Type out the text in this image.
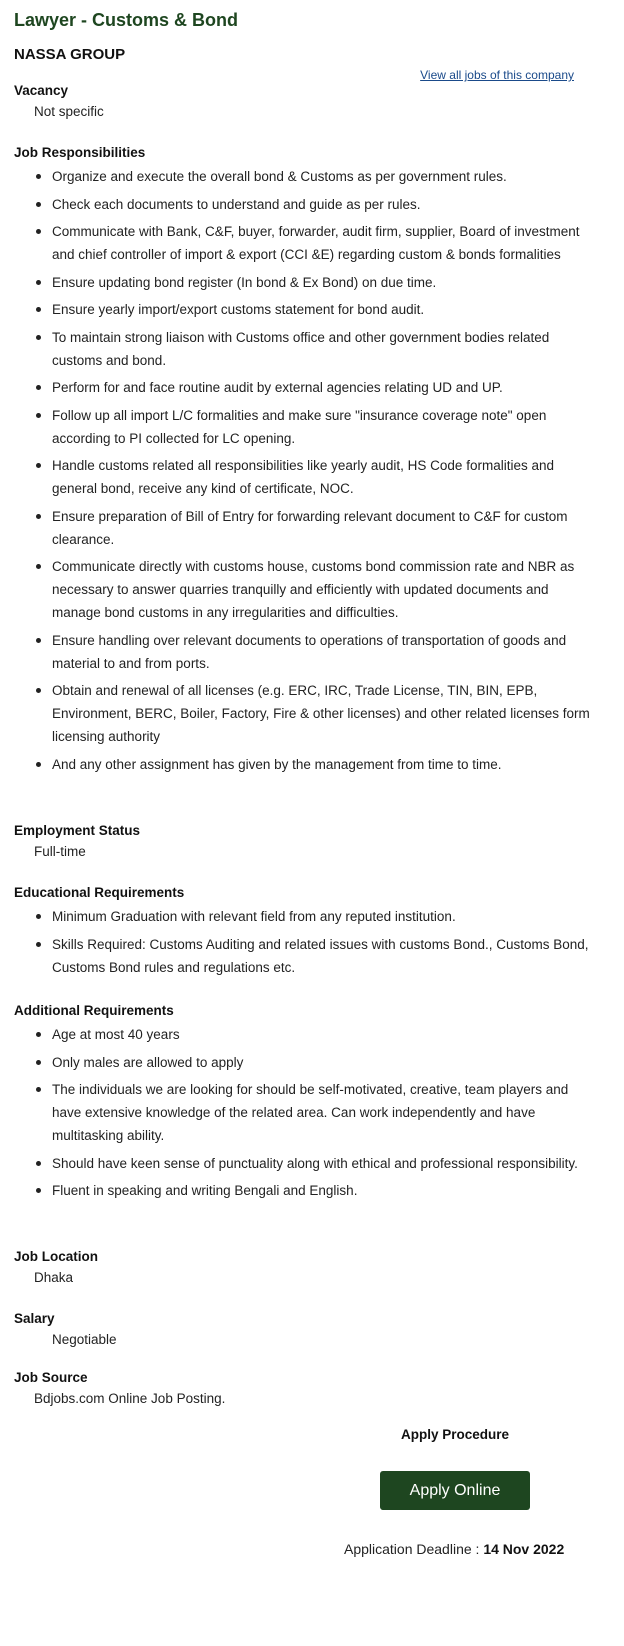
Lawyer - Customs & Bond
NASSA GROUP
View all jobs of this company

Vacancy

Not specific

Job Responsibilities

Organize and execute the overall bond & Customs as per government rules.
Check each documents to understand and guide as per rules.
Communicate with Bank, C&F, buyer, forwarder, audit firm, supplier, Board of investment and chief controller of import & export (CCI &E) regarding custom & bonds formalities
Ensure updating bond register (In bond & Ex Bond) on due time.
Ensure yearly import/export customs statement for bond audit.
To maintain strong liaison with Customs office and other government bodies related customs and bond.
Perform for and face routine audit by external agencies relating UD and UP.
Follow up all import L/C formalities and make sure "insurance coverage note" open according to PI collected for LC opening.
Handle customs related all responsibilities like yearly audit, HS Code formalities and general bond, receive any kind of certificate, NOC.
Ensure preparation of Bill of Entry for forwarding relevant document to C&F for custom clearance.
Communicate directly with customs house, customs bond commission rate and NBR as necessary to answer quarries tranquilly and efficiently with updated documents and manage bond customs in any irregularities and difficulties.
Ensure handling over relevant documents to operations of transportation of goods and material to and from ports.
Obtain and renewal of all licenses (e.g. ERC, IRC, Trade License, TIN, BIN, EPB, Environment, BERC, Boiler, Factory, Fire & other licenses) and other related licenses form licensing authority
And any other assignment has given by the management from time to time.

Employment Status

Full-time

Educational Requirements

Minimum Graduation with relevant field from any reputed institution.
Skills Required: Customs Auditing and related issues with customs Bond., Customs Bond, Customs Bond rules and regulations etc.

Additional Requirements

Age at most 40 years
Only males are allowed to apply
The individuals we are looking for should be self-motivated, creative, team players and have extensive knowledge of the related area. Can work independently and have multitasking ability.
Should have keen sense of punctuality along with ethical and professional responsibility.
Fluent in speaking and writing Bengali and English.

Job Location

Dhaka

Salary

Negotiable

Job Source

Bdjobs.com Online Job Posting.

Apply Procedure
Apply Online
Application Deadline : 14 Nov 2022
